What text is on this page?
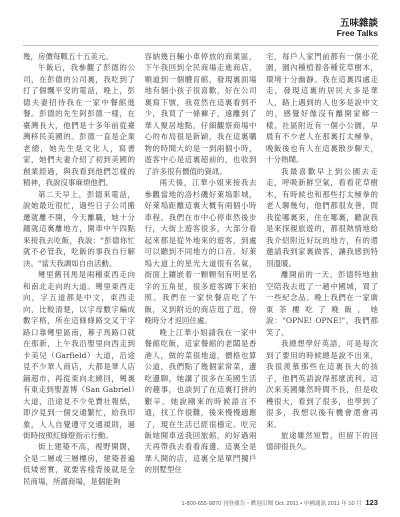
五味雜談
Free Talks

幾，房價每戰五十五美元。

午飯后，我參觀了彭德的公司，在彭德的公司裏，我吃到了打了個飄平安的電話，晚上，彭德夫妻招待我在一家中餐館進餐。彭德的先生阿彭德一樣，在臺灣長大，他們是十多年前從臺灣移民美國的。彭德一直是企業老總，她先生是文化人，寫書家，她們夫妻介紹了初到美國的創業經過，與我看到他們怎樣的精神，我說沒事麻煩他們。

第二天早上，彭德來電話，說她最近很忙，過些日子公司搬遷就離不開，今天離職，她十分鐘就這裏離地方，開車中午四點來接我去吃飯，我說："彭德你忙就不必管我，吃飯的事我自行解決。"當天我調如自由活動。

彎里舊刊馬是兩種東西走向和南北走向的大道。彎里東西走向，字五道都是中文，東西走向，比較清楚，以字母數字編成數字格，所在這條條路交叉于字路口靠彎里區南，幕子馬路口就在那新，上午我沿聖里向西走到卡美兒（Garfield）大道，沿途見不少華人商店，大都是華人店鋪超市，再從東向北繞回，彎裏有東走到聖蓋博（San Gabriel）大道，沿途見不少免費社報紙，即汐見到一個交通繁忙，給我印象，人人自覺遵守交通規則，過街時按照紅綠燈指示行動。

街上建築不高，視野開闊，全是二層或三層樓房，建築普遍低矮密實，就要客棧背後就是全民商場，所謂商場，是個能夠

容納幾百輛小車停放的商業區，下午我回到全民商場走進商店，順道到一個體育館，發現裏面場地有個小孩子很喜歡，好在公司裏寫下號，我竟然在這裏看到不少，我買了一條褲子，遠離到了華人聚居地點，仔細觀察商場中心的布局很是新穎，我在這裏購物的時間大約是一到兩個小時，遊客中心是這裏超前的，也收到了許多很有價值的資訊。

兩天後，江華小姐來接我去參觀當地的洛杉磯好萊塢影城，好萊塢距離這裏大概有兩個小時車程。我們在市中心停車然後步行，大街上遊客很多，大部分看起來都是從外地來的遊客，到處可以聽到不同地方的口音。好萊塢大道上的星光大道很有名氣，街面上鑲嵌着一顆顆刻有明星名字的五角星，很多遊客蹲下來拍照。我們在一家快餐店吃了午飯，又到附近的商店逛了逛，傍晚時分才返回住處。

晚上江華小姐請我在一家中餐館吃飯，這家餐館的老闆是香港人，做的菜很地道，價格也算公道，我們點了幾個家常菜，邊吃邊聊，她講了很多在美國生活的趣事，也談到了在這裏打拼的艱辛。她說剛來的時候語言不通，找工作很難，後來慢慢適應了，現在生活已經很穩定。吃完飯她開車送我回旅館，約好過兩天再帶我去看看海邊。這裏全是華人開的店，這裏全是單門獨戶的別墅型住

宅，每戶人家門前都有一個小花園，園內種植着各種花草樹木，環境十分幽靜。我在這裏四處走走，發現這裏的居民大多是華人，路上遇到的人也多是說中文的，感覺好像沒有離開家鄉一樣。社區附近有一個小公園，早晨有不少老人在那裏打太極拳，晚飯後也有人在這裏散步聊天，十分熱鬧。

我最喜歡早上到公園去走走，呼吸新鮮空氣，看看花草樹木，有時候也和那些打太極拳的老人聊幾句，他們都很友善，問我從哪裏來，住在哪裏，聽說我是來探親旅遊的，都很熱情地給我介紹附近好玩的地方，有的還邀請我到家裏做客，讓我感到特別溫暖。

離開前的一天，彭德特地抽空陪我去逛了一趟中國城，買了一些紀念品。晚上我們在一家廣東茶樓吃了晚飯，她說："OPNE! OPNE!"，我們都笑了。

我總想學好英語，可是每次到了要用的時候總是說不出來，我很羨慕那些在這裏長大的孩子，他們英語說得那麼流利。這次來美國雖然時間不長，但是收穫很大，看到了很多，也學到了很多，我想以後有機會還會再來。

旅途雖然短暫，但留下的回憶卻很長久。

1-800-655-9870 刊登廣告・歡迎訂閱 Oct. 2011 • 中國通訊 2011 年 10 月 123
